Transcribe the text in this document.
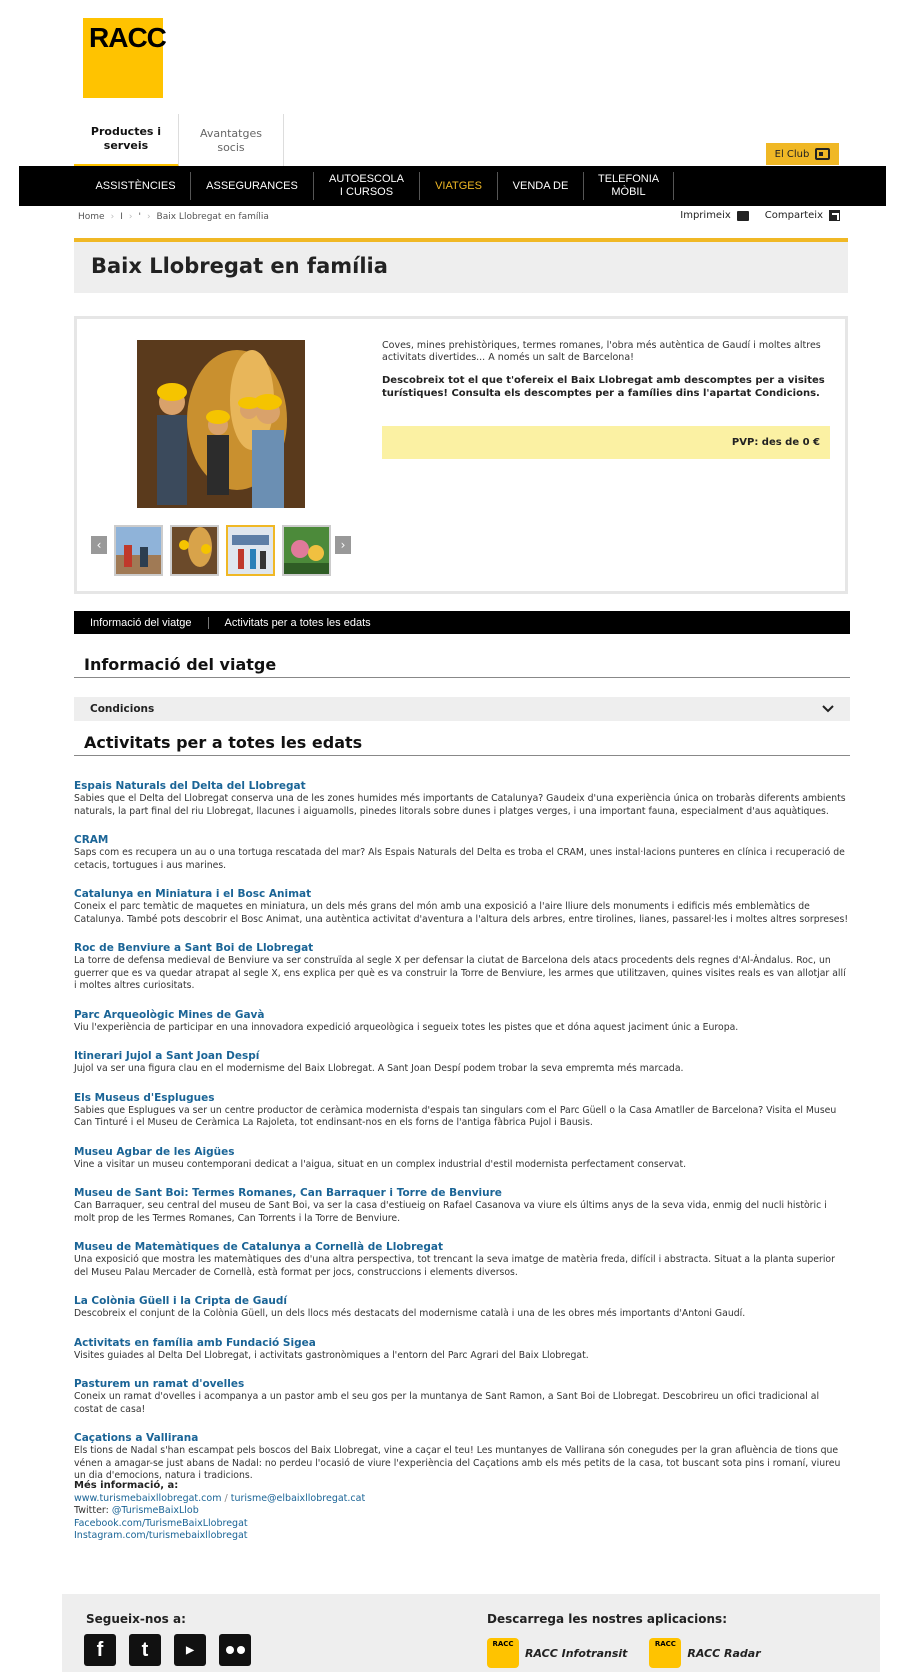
RACC
Productes i serveis
Avantatges socis
El Club
ASSISTÈNCIES	ASSEGURANCES
AUTOESCOLA I CURSOS
VIATGES	VENDA DE
TELEFONIA MÒBIL
Home › I › ' › Baix Llobregat en família	Imprimeix	Comparteix
Baix Llobregat en família
‹	›

Coves, mines prehistòriques, termes romanes, l'obra més autèntica de Gaudí i moltes altres activitats divertides... A només un salt de Barcelona!

Descobreix tot el que t'ofereix el Baix Llobregat amb descomptes per a visites turístiques! Consulta els descomptes per a famílies dins l'apartat Condicions.

PVP: des de 0 €
Informació del viatge	Activitats per a totes les edats
Informació del viatge
Condicions
Activitats per a totes les edats
Espais Naturals del Delta del Llobregat
Sabies que el Delta del Llobregat conserva una de les zones humides més importants de Catalunya? Gaudeix d'una experiència única on trobaràs diferents ambients naturals, la part final del riu Llobregat, llacunes i aiguamolls, pinedes litorals sobre dunes i platges verges, i una important fauna, especialment d'aus aquàtiques.
CRAM
Saps com es recupera un au o una tortuga rescatada del mar? Als Espais Naturals del Delta es troba el CRAM, unes instal·lacions punteres en clínica i recuperació de cetacis, tortugues i aus marines.
Catalunya en Miniatura i el Bosc Animat
Coneix el parc temàtic de maquetes en miniatura, un dels més grans del món amb una exposició a l'aire lliure dels monuments i edificis més emblemàtics de Catalunya. També pots descobrir el Bosc Animat, una autèntica activitat d'aventura a l'altura dels arbres, entre tirolines, lianes, passarel·les i moltes altres sorpreses!
Roc de Benviure a Sant Boi de Llobregat
La torre de defensa medieval de Benviure va ser construïda al segle X per defensar la ciutat de Barcelona dels atacs procedents dels regnes d'Al-Àndalus. Roc, un guerrer que es va quedar atrapat al segle X, ens explica per què es va construir la Torre de Benviure, les armes que utilitzaven, quines visites reals es van allotjar allí i moltes altres curiositats.
Parc Arqueològic Mines de Gavà
Viu l'experiència de participar en una innovadora expedició arqueològica i segueix totes les pistes que et dóna aquest jaciment únic a Europa.
Itinerari Jujol a Sant Joan Despí
Jujol va ser una figura clau en el modernisme del Baix Llobregat. A Sant Joan Despí podem trobar la seva empremta més marcada.
Els Museus d'Esplugues
Sabies que Esplugues va ser un centre productor de ceràmica modernista d'espais tan singulars com el Parc Güell o la Casa Amatller de Barcelona? Visita el Museu Can Tinturé i el Museu de Ceràmica La Rajoleta, tot endinsant-nos en els forns de l'antiga fàbrica Pujol i Bausis.
Museu Agbar de les Aigües
Vine a visitar un museu contemporani dedicat a l'aigua, situat en un complex industrial d'estil modernista perfectament conservat.
Museu de Sant Boi: Termes Romanes, Can Barraquer i Torre de Benviure
Can Barraquer, seu central del museu de Sant Boi, va ser la casa d'estiueig on Rafael Casanova va viure els últims anys de la seva vida, enmig del nucli històric i molt prop de les Termes Romanes, Can Torrents i la Torre de Benviure.
Museu de Matemàtiques de Catalunya a Cornellà de Llobregat
Una exposició que mostra les matemàtiques des d'una altra perspectiva, tot trencant la seva imatge de matèria freda, difícil i abstracta. Situat a la planta superior del Museu Palau Mercader de Cornellà, està format per jocs, construccions i elements diversos.
La Colònia Güell i la Cripta de Gaudí
Descobreix el conjunt de la Colònia Güell, un dels llocs més destacats del modernisme català i una de les obres més importants d'Antoni Gaudí.
Activitats en família amb Fundació Sigea
Visites guiades al Delta Del Llobregat, i activitats gastronòmiques a l'entorn del Parc Agrari del Baix Llobregat.
Pasturem un ramat d'ovelles
Coneix un ramat d'ovelles i acompanya a un pastor amb el seu gos per la muntanya de Sant Ramon, a Sant Boi de Llobregat. Descobrireu un ofici tradicional al costat de casa!
Caçations a Vallirana
Els tions de Nadal s'han escampat pels boscos del Baix Llobregat, vine a caçar el teu! Les muntanyes de Vallirana són conegudes per la gran afluència de tions que vénen a amagar-se just abans de Nadal: no perdeu l'ocasió de viure l'experiència del Caçations amb els més petits de la casa, tot buscant sota pins i romaní, viureu un dia d'emocions, natura i tradicions.
Més informació, a:
www.turismebaixllobregat.com / turisme@elbaixllobregat.cat
Twitter: @TurismeBaixLlob
Facebook.com/TurismeBaixLlobregat
Instagram.com/turismebaixllobregat
Segueix-nos a:
f	t	▶
Descarrega les nostres aplicacions:
RACC
RACC Infotransit
RACC
RACC Radar
